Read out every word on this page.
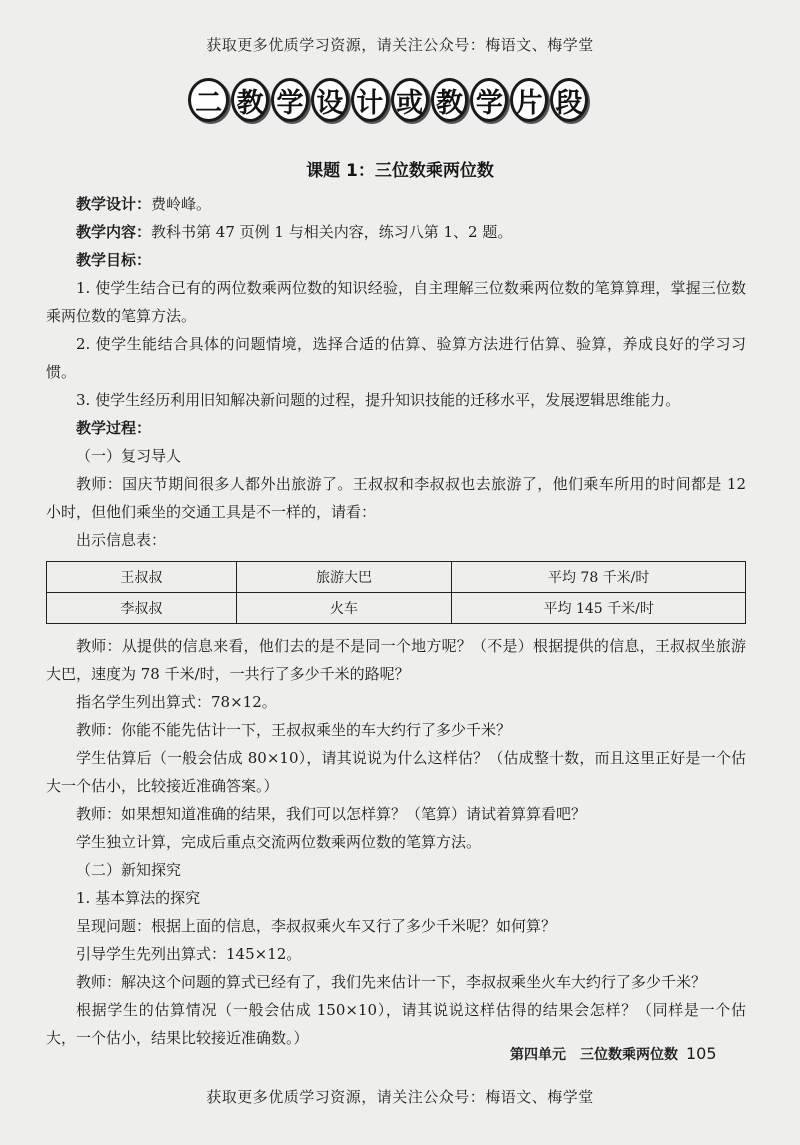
获取更多优质学习资源，请关注公众号：梅语文、梅学堂
二 教 学 设 计 或 教 学 片 段
课题 1：三位数乘两位数

教学设计：费岭峰。

教学内容：教科书第 47 页例 1 与相关内容，练习八第 1、2 题。

教学目标：

1. 使学生结合已有的两位数乘两位数的知识经验，自主理解三位数乘两位数的笔算算理，掌握三位数乘两位数的笔算方法。

2. 使学生能结合具体的问题情境，选择合适的估算、验算方法进行估算、验算，养成良好的学习习惯。

3. 使学生经历利用旧知解决新问题的过程，提升知识技能的迁移水平，发展逻辑思维能力。

教学过程：

（一）复习导人

教师：国庆节期间很多人都外出旅游了。王叔叔和李叔叔也去旅游了，他们乘车所用的时间都是 12 小时，但他们乘坐的交通工具是不一样的，请看：

出示信息表：

王叔叔	旅游大巴	平均 78 千米/时
李叔叔	火车	平均 145 千米/时

教师：从提供的信息来看，他们去的是不是同一个地方呢？（不是）根据提供的信息，王叔叔坐旅游大巴，速度为 78 千米/时，一共行了多少千米的路呢？

指名学生列出算式：78×12。

教师：你能不能先估计一下，王叔叔乘坐的车大约行了多少千米？

学生估算后（一般会估成 80×10），请其说说为什么这样估？（估成整十数，而且这里正好是一个估大一个估小，比较接近准确答案。）

教师：如果想知道准确的结果，我们可以怎样算？（笔算）请试着算算看吧？

学生独立计算，完成后重点交流两位数乘两位数的笔算方法。

（二）新知探究

1. 基本算法的探究

呈现问题：根据上面的信息，李叔叔乘火车又行了多少千米呢？如何算？

引导学生先列出算式：145×12。

教师：解决这个问题的算式已经有了，我们先来估计一下，李叔叔乘坐火车大约行了多少千米？

根据学生的估算情况（一般会估成 150×10），请其说说这样估得的结果会怎样？（同样是一个估大，一个估小，结果比较接近准确数。）

第四单元　三位数乘两位数 105
获取更多优质学习资源，请关注公众号：梅语文、梅学堂
